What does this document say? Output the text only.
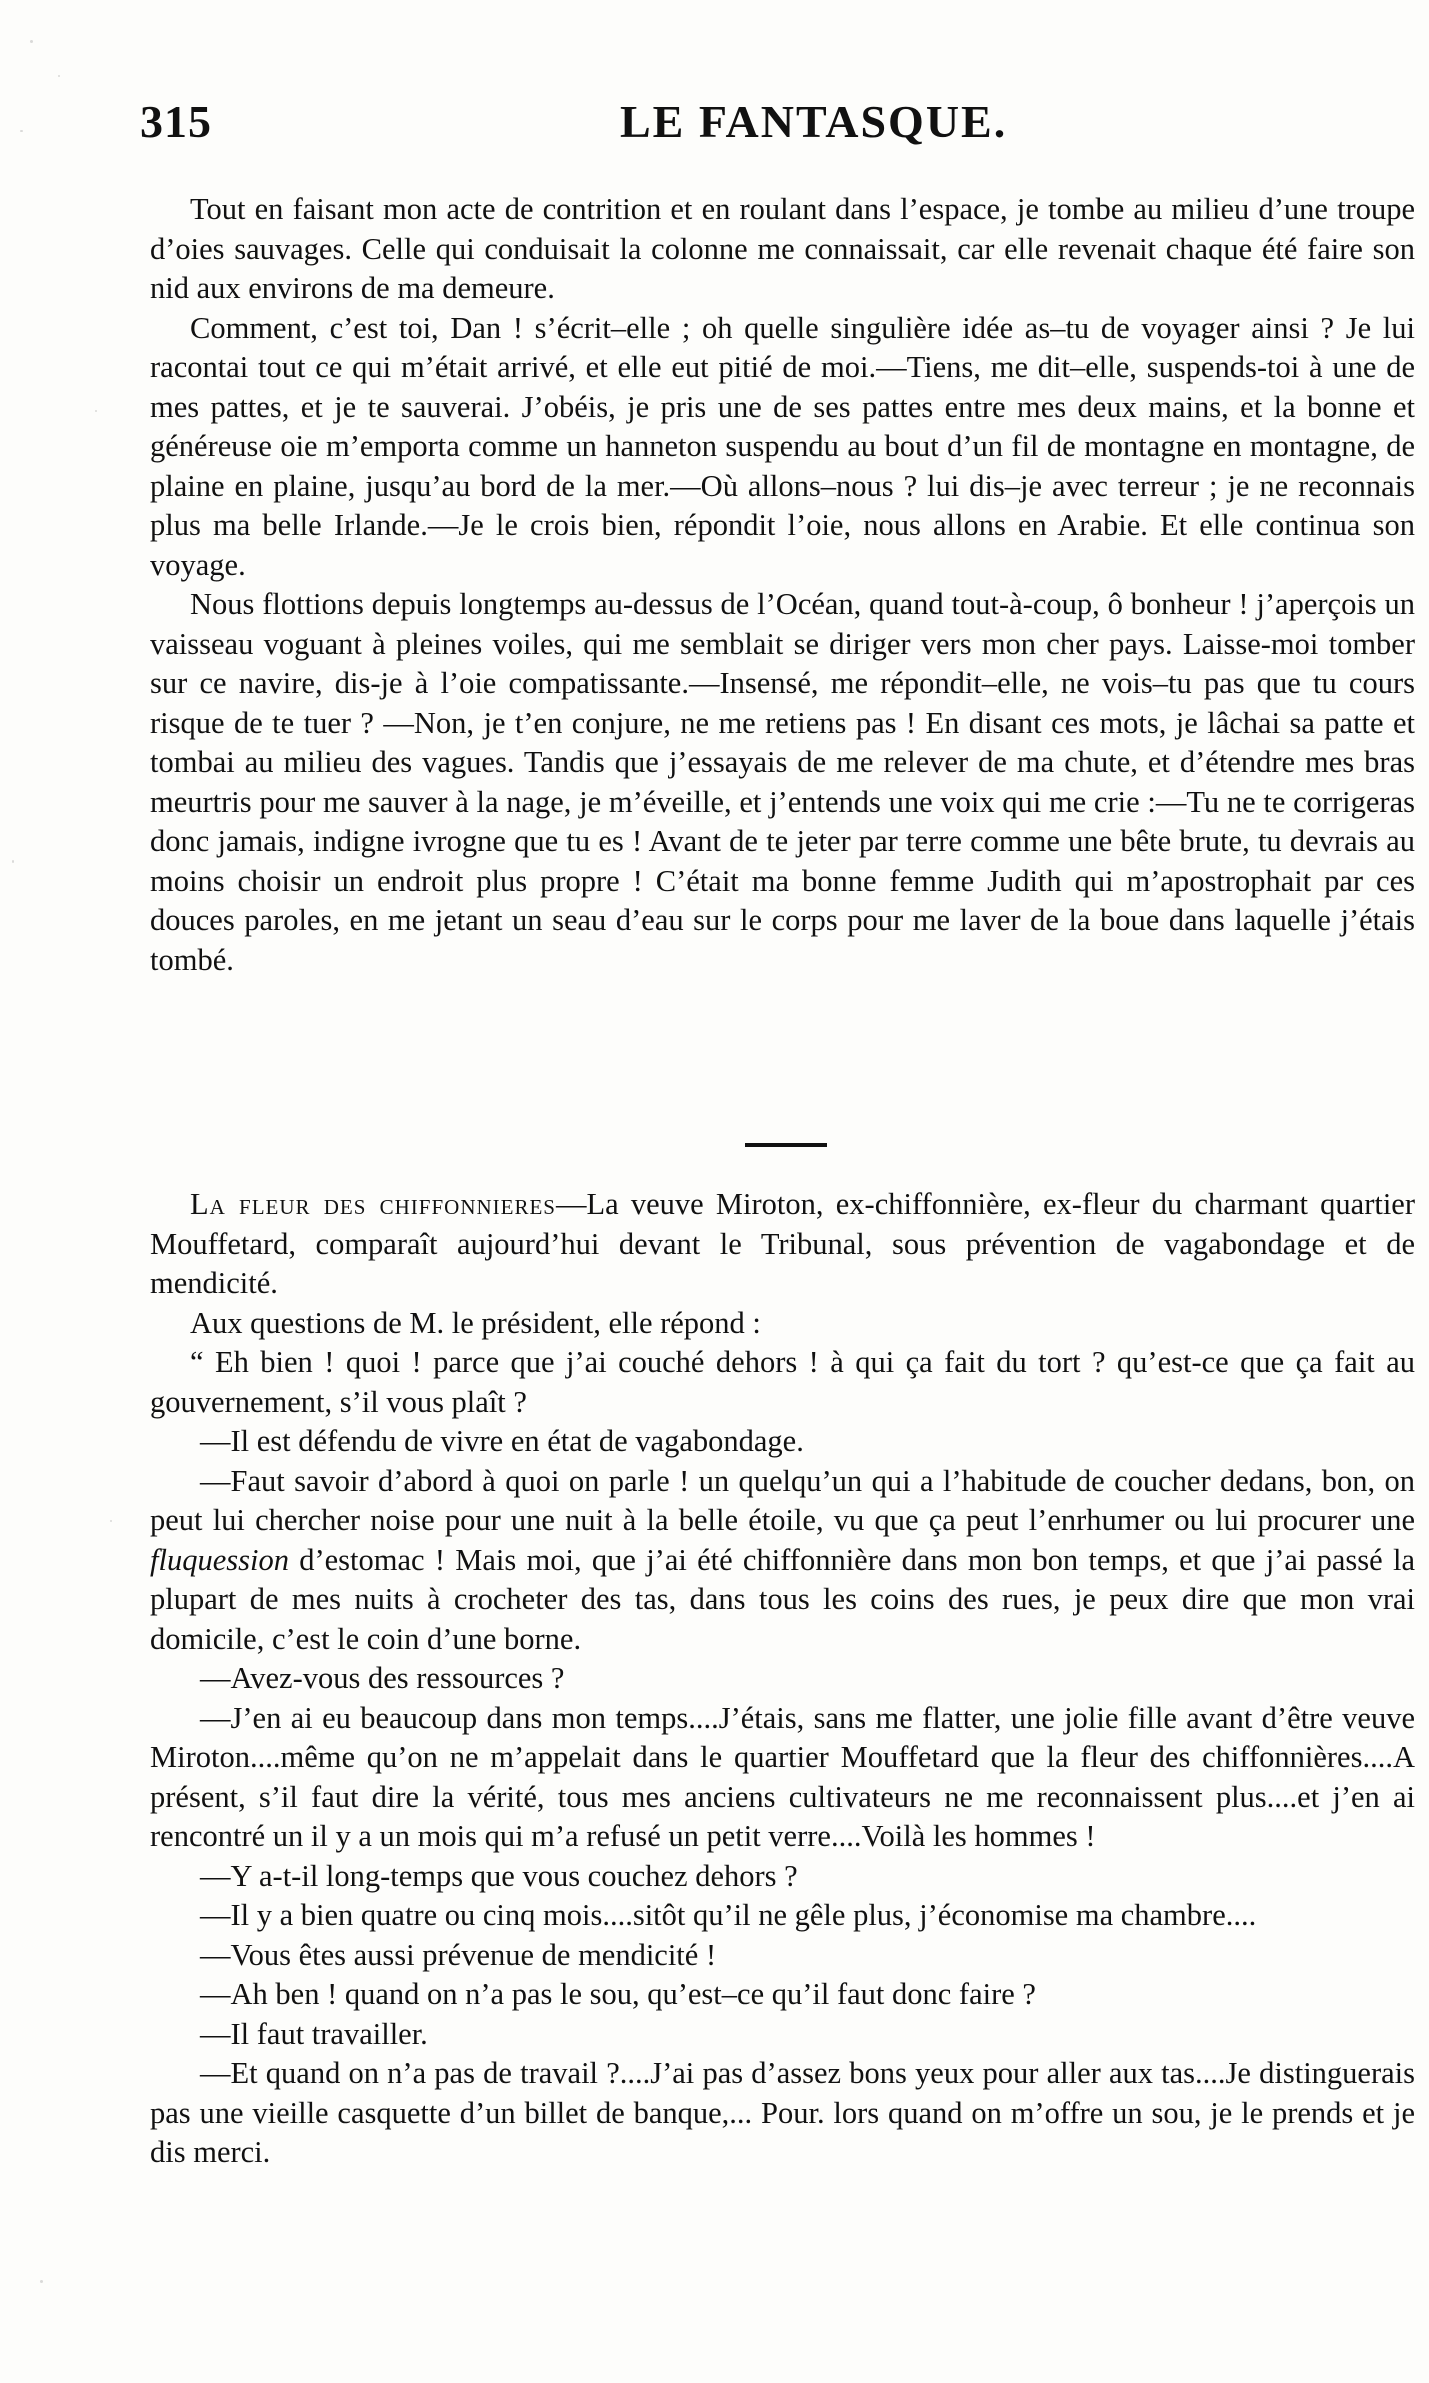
315	LE FANTASQUE.

Tout en faisant mon acte de contrition et en roulant dans l’espace, je tombe au milieu d’une troupe d’oies sauvages. Celle qui conduisait la colonne me connaissait, car elle revenait chaque été faire son nid aux environs de ma demeure.

Comment, c’est toi, Dan ! s’écrit–elle ; oh quelle singulière idée as–tu de voyager ainsi ? Je lui racontai tout ce qui m’était arrivé, et elle eut pitié de moi.—Tiens, me dit–elle, suspends-toi à une de mes pattes, et je te sauverai. J’obéis, je pris une de ses pattes entre mes deux mains, et la bonne et généreuse oie m’emporta comme un hanneton suspendu au bout d’un fil de montagne en montagne, de plaine en plaine, jusqu’au bord de la mer.—Où allons–nous ? lui dis–je avec terreur ; je ne reconnais plus ma belle Irlande.—Je le crois bien, répondit l’oie, nous allons en Arabie. Et elle continua son voyage.

Nous flottions depuis longtemps au-dessus de l’Océan, quand tout-à-coup, ô bonheur ! j’aperçois un vaisseau voguant à pleines voiles, qui me semblait se diriger vers mon cher pays. Laisse-moi tomber sur ce navire, dis-je à l’oie compatissante.—Insensé, me répondit–elle, ne vois–tu pas que tu cours risque de te tuer ? —Non, je t’en conjure, ne me retiens pas ! En disant ces mots, je lâchai sa patte et tombai au milieu des vagues. Tandis que j’essayais de me relever de ma chute, et d’étendre mes bras meurtris pour me sauver à la nage, je m’éveille, et j’entends une voix qui me crie :—Tu ne te corrigeras donc jamais, indigne ivrogne que tu es ! Avant de te jeter par terre comme une bête brute, tu devrais au moins choisir un endroit plus propre ! C’était ma bonne femme Judith qui m’apostrophait par ces douces paroles, en me jetant un seau d’eau sur le corps pour me laver de la boue dans laquelle j’étais tombé.

La fleur des chiffonnieres—La veuve Miroton, ex-chiffonnière, ex-fleur du charmant quartier Mouffetard, comparaît aujourd’hui devant le Tribunal, sous prévention de vagabondage et de mendicité.

Aux questions de M. le président, elle répond :

“ Eh bien ! quoi ! parce que j’ai couché dehors ! à qui ça fait du tort ? qu’est-ce que ça fait au gouvernement, s’il vous plaît ?

—Il est défendu de vivre en état de vagabondage.

—Faut savoir d’abord à quoi on parle ! un quelqu’un qui a l’habitude de coucher dedans, bon, on peut lui chercher noise pour une nuit à la belle étoile, vu que ça peut l’enrhumer ou lui procurer une fluquession d’estomac ! Mais moi, que j’ai été chiffonnière dans mon bon temps, et que j’ai passé la plupart de mes nuits à crocheter des tas, dans tous les coins des rues, je peux dire que mon vrai domicile, c’est le coin d’une borne.

—Avez-vous des ressources ?

—J’en ai eu beaucoup dans mon temps....J’étais, sans me flatter, une jolie fille avant d’être veuve Miroton....même qu’on ne m’appelait dans le quartier Mouffetard que la fleur des chiffonnières....A présent, s’il faut dire la vérité, tous mes anciens cultivateurs ne me reconnaissent plus....et j’en ai rencontré un il y a un mois qui m’a refusé un petit verre....Voilà les hommes !

—Y a-t-il long-temps que vous couchez dehors ?

—Il y a bien quatre ou cinq mois....sitôt qu’il ne gêle plus, j’économise ma chambre....

—Vous êtes aussi prévenue de mendicité !

—Ah ben ! quand on n’a pas le sou, qu’est–ce qu’il faut donc faire ?

—Il faut travailler.

—Et quand on n’a pas de travail ?....J’ai pas d’assez bons yeux pour aller aux tas....Je distinguerais pas une vieille casquette d’un billet de banque,... Pour. lors quand on m’offre un sou, je le prends et je dis merci.
